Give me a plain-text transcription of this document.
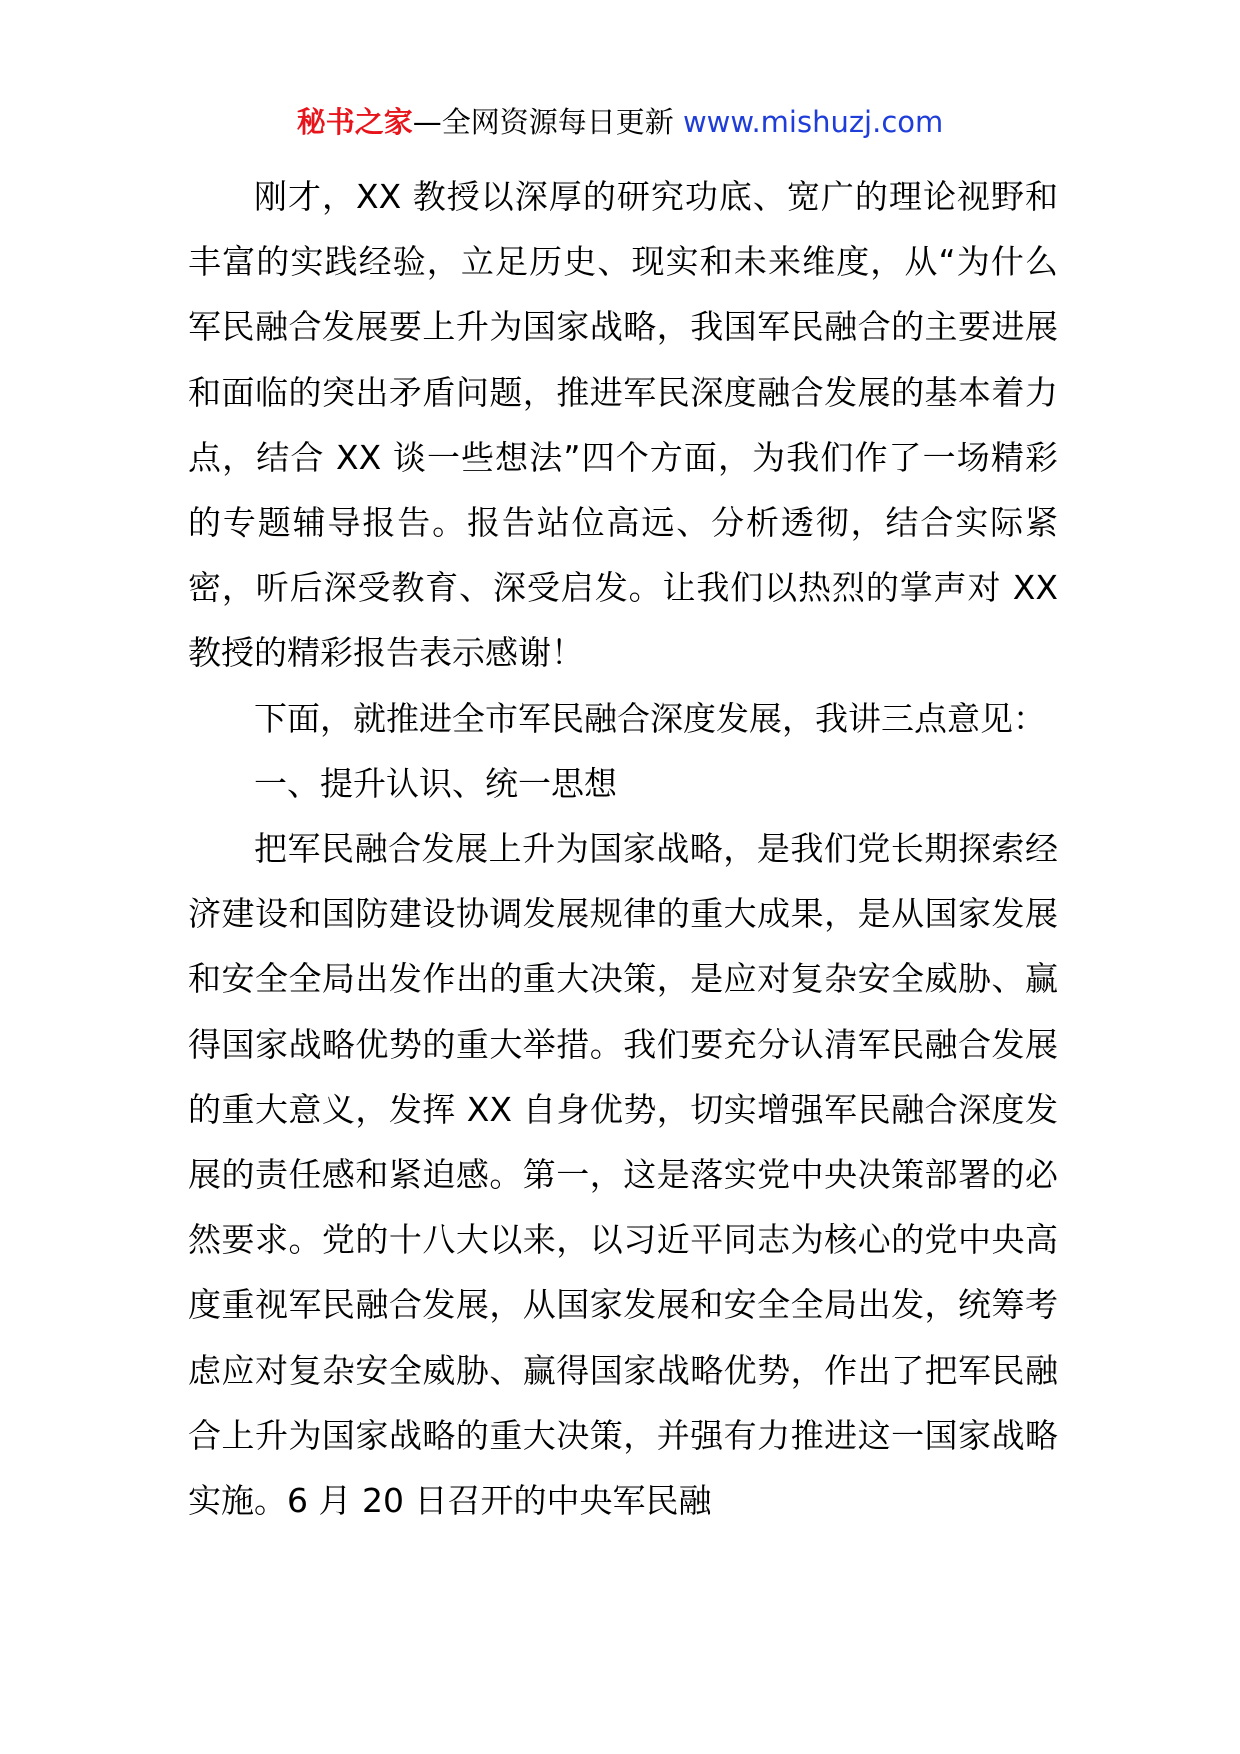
秘书之家—全网资源每日更新 www.mishuzj.com

刚才，XX 教授以深厚的研究功底、宽广的理论视野和丰富的实践经验，立足历史、现实和未来维度，从“为什么军民融合发展要上升为国家战略，我国军民融合的主要进展和面临的突出矛盾问题，推进军民深度融合发展的基本着力点，结合 XX 谈一些想法”四个方面，为我们作了一场精彩的专题辅导报告。报告站位高远、分析透彻，结合实际紧密，听后深受教育、深受启发。让我们以热烈的掌声对 XX 教授的精彩报告表示感谢！

下面，就推进全市军民融合深度发展，我讲三点意见：

一、提升认识、统一思想

把军民融合发展上升为国家战略，是我们党长期探索经济建设和国防建设协调发展规律的重大成果，是从国家发展和安全全局出发作出的重大决策，是应对复杂安全威胁、赢得国家战略优势的重大举措。我们要充分认清军民融合发展的重大意义，发挥 XX 自身优势，切实增强军民融合深度发展的责任感和紧迫感。第一，这是落实党中央决策部署的必然要求。党的十八大以来，以习近平同志为核心的党中央高度重视军民融合发展，从国家发展和安全全局出发，统筹考虑应对复杂安全威胁、赢得国家战略优势，作出了把军民融合上升为国家战略的重大决策，并强有力推进这一国家战略实施。6 月 20 日召开的中央军民融
